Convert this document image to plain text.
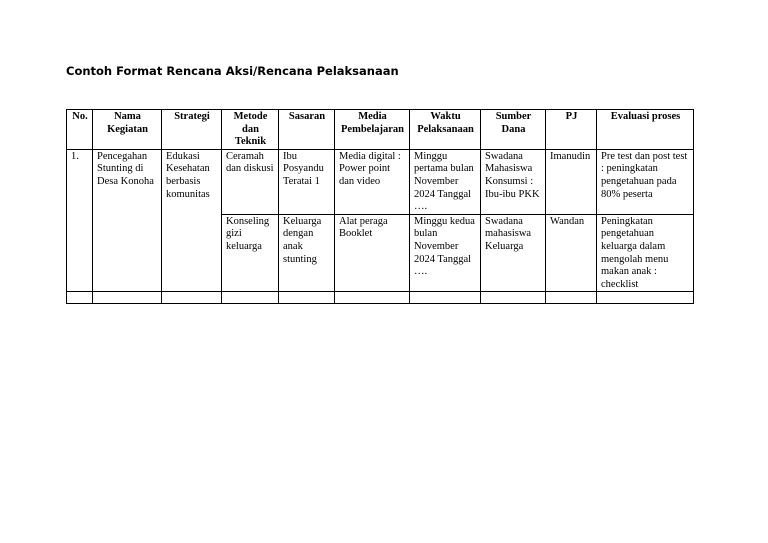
Contoh Format Rencana Aksi/Rencana Pelaksanaan
No.	Nama Kegiatan	Strategi	Metode dan Teknik	Sasaran	Media Pembelajaran	Waktu Pelaksanaan	Sumber Dana	PJ	Evaluasi proses
1.	Pencegahan Stunting di Desa Konoha	Edukasi Kesehatan berbasis komunitas	Ceramah dan diskusi	Ibu Posyandu Teratai 1	Media digital : Power point dan video	Minggu pertama bulan November 2024 Tanggal ….	Swadana Mahasiswa Konsumsi : Ibu-ibu PKK	Imanudin	Pre test dan post test : peningkatan pengetahuan pada 80% peserta
			Konseling gizi keluarga	Keluarga dengan anak stunting	Alat peraga Booklet	Minggu kedua bulan November 2024 Tanggal ….	Swadana mahasiswa Keluarga	Wandan	Peningkatan pengetahuan keluarga dalam mengolah menu makan anak : checklist
